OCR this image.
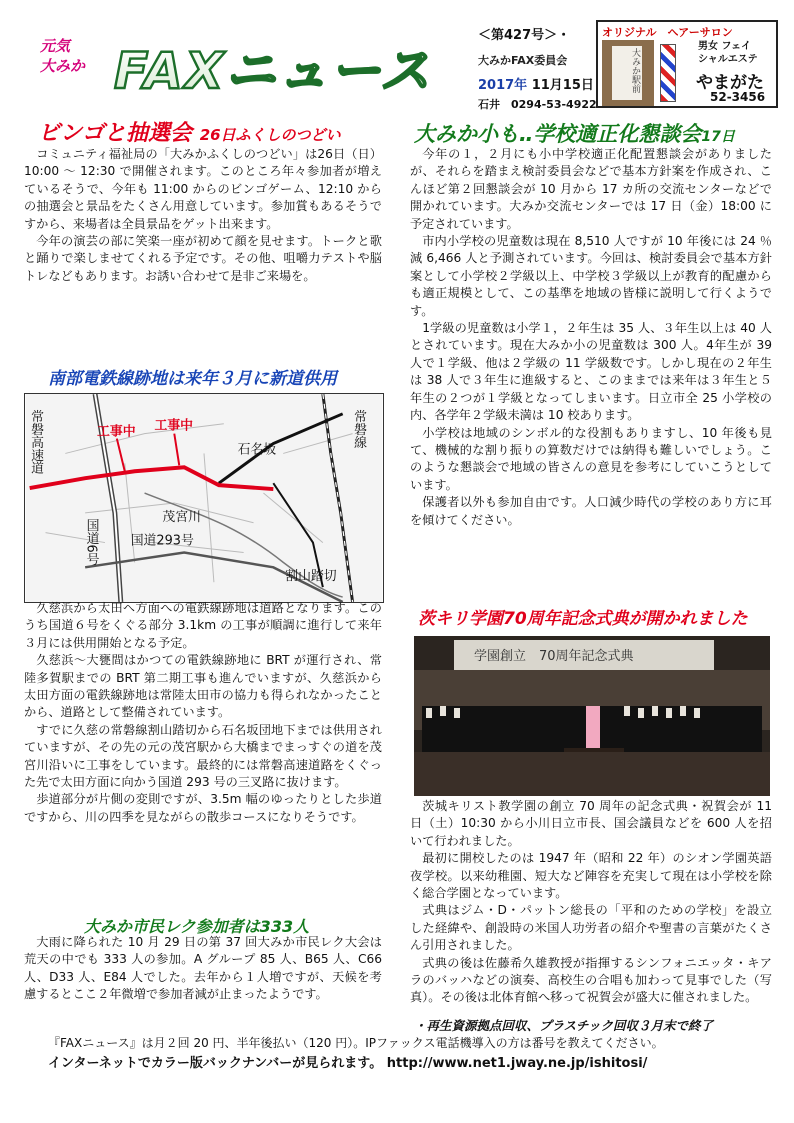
元気
大みか FAXニュース
＜第427号＞・
大みかFAX委員会
2017年 11月15日
石井　0294-53-4922
オリジナル　ヘアーサロン
大みか駅前
男女 フェイ
シャルエステ
やまがた
52-3456
ビンゴと抽選会 26日ふくしのつどい

コミュニティ福祉局の「大みかふくしのつどい」は26日（日）10:00 ～ 12:30 で開催されます。このところ年々参加者が増えているそうで、今年も 11:00 からのビンゴゲーム、12:10 からの抽選会と景品をたくさん用意しています。参加賞もあるそうですから、来場者は全員景品をゲット出来ます。

今年の演芸の部に笑楽一座が初めて顔を見せます。トークと歌と踊りで楽しませてくれる予定です。その他、咀嚼力テストや脳トレなどもあります。お誘い合わせて是非ご来場を。

大みか小も‥学校適正化懇談会17日

今年の１，２月にも小中学校適正化配置懇談会がありましたが、それらを踏まえ検討委員会などで基本方針案を作成され、こんほど第２回懇談会が 10 月から 17 カ所の交流センターなどで開かれています。大みか交流センターでは 17 日（金）18:00 に予定されています。

市内小学校の児童数は現在 8,510 人ですが 10 年後には 24 ％減 6,466 人と予測されています。今回は、検討委員会で基本方針案として小学校２学級以上、中学校３学級以上が教育的配慮からも適正規模として、この基準を地域の皆様に説明して行くようです。

1学級の児童数は小学１，２年生は 35 人、３年生以上は 40 人とされています。現在大みか小の児童数は 300 人。4年生が 39 人で１学級、他は２学級の 11 学級数です。しかし現在の２年生は 38 人で３年生に進級すると、このままでは来年は３年生と５年生の２つが１学級となってしまいます。日立市全 25 小学校の内、各学年２学級未満は 10 校あります。

小学校は地域のシンボル的な役割もありますし、10 年後も見て、機械的な割り振りの算数だけでは納得も難しいでしょう。このような懇談会で地域の皆さんの意見を参考にしていこうとしています。

保護者以外も参加自由です。人口減少時代の学校のあり方に耳を傾けてください。

南部電鉄線跡地は来年３月に新道供用
工事中 工事中
石名坂
茂宮川
国道293号
割山踏切
常磐高速道	常磐線
国道6号

久慈浜から太田ヘ方面への電鉄線跡地は道路となります。このうち国道６号をくぐる部分 3.1km の工事が順調に進行して来年３月には供用開始となる予定。

久慈浜～大甕間はかつての電鉄線跡地に BRT が運行され、常陸多賀駅までの BRT 第二期工事も進んでいますが、久慈浜から太田方面の電鉄線跡地は常陸太田市の協力も得られなかったことから、道路として整備されています。

すでに久慈の常磐線割山踏切から石名坂団地下までは供用されていますが、その先の元の茂宮駅から大橋までまっすぐの道を茂宮川沿いに工事をしています。最終的には常磐高速道路をくぐった先で太田方面に向かう国道 293 号の三叉路に抜けます。

歩道部分が片側の変則ですが、3.5m 幅のゆったりとした歩道ですから、川の四季を見ながらの散歩コースになりそうです。

茨キリ学園70周年記念式典が開かれました
学園創立　70周年記念式典

茨城キリスト教学園の創立 70 周年の記念式典・祝賀会が 11 日（土）10:30 から小川日立市長、国会議員などを 600 人を招いて行われました。

最初に開校したのは 1947 年（昭和 22 年）のシオン学園英語夜学校。以来幼稚園、短大など陣容を充実して現在は小学校を除く総合学園となっています。

式典はジム・D・パットン総長の「平和のための学校」を設立した経緯や、創設時の米国人功労者の紹介や聖書の言葉がたくさん引用されました。

式典の後は佐藤希久雄教授が指揮するシンフォニエッタ・キアラのバッハなどの演奏、高校生の合唱も加わって見事でした（写真）。その後は北体育館へ移って祝賀会が盛大に催されました。

大みか市民レク参加者は333人

大雨に降られた 10 月 29 日の第 37 回大みか市民レク大会は荒天の中でも 333 人の参加。A グループ 85 人、B65 人、C66 人、D33 人、E84 人でした。去年から１人増ですが、天候を考慮するとここ２年微増で参加者減が止まったようです。

・再生資源拠点回収、プラスチック回収３月末で終了
『FAXニュース』は月２回 20 円、半年後払い（120 円）。IPファックス電話機導入の方は番号を教えてください。
インターネットでカラー版バックナンバーが見られます。 http://www.net1.jway.ne.jp/ishitosi/
